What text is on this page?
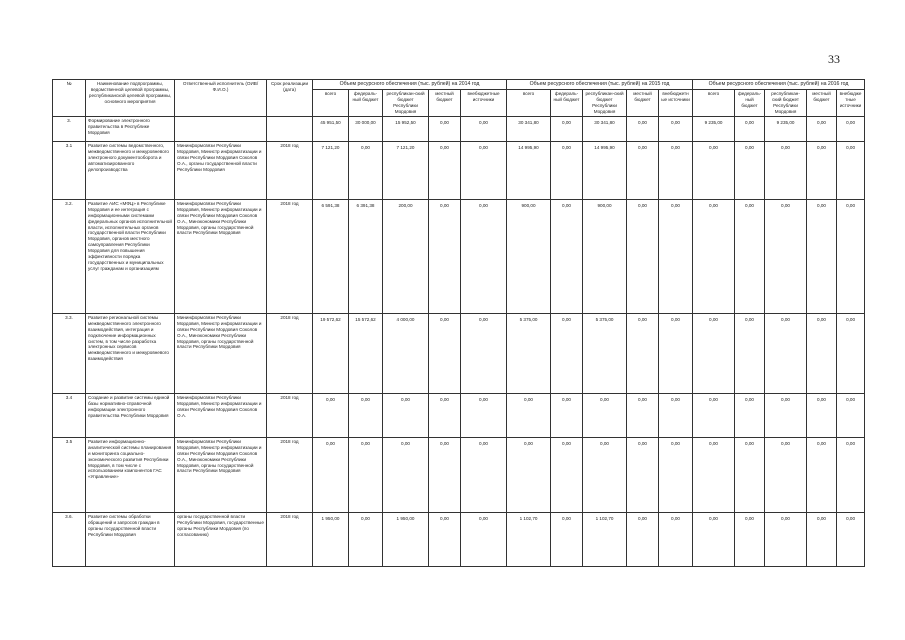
33
№	Наименование подпрограммы, ведомственной целевой программы, республиканской целевой программы, основного мероприятия	Ответственный исполнитель (ОИВ/Ф.И.О.)	Срок реализации (дата)	Объем ресурсного обеспечения (тыс. рублей) на 2014 год					Объем ресурсного обеспечения (тыс. рублей) на 2015 год					Объем ресурсного обеспечения (тыс. рублей) на 2016 год				
				всего	федераль-ный бюджет	республикан-ский бюджет Республики Мордовия	местный бюджет	внебюджетные источники	всего	федераль-ный бюджет	республикан-ский бюджет Республики Мордовия	местный бюджет	внебюджетные источники	всего	федераль-ный бюджет	республикан-ский бюджет Республики Мордовия	местный бюджет	внебюджетные источники
3.	Формирование электронного правительства в Республике Мордовия			45 951,50	30 000,00	15 952,50	0,00	0,00	30 341,80	0,00	30 341,80	0,00	0,00	9 235,00	0,00	9 235,00	0,00	0,00
3.1	Развитие системы ведомственного, межведомственного и межуровневого электронного документооборота и автоматизированного делопроизводства	Мининформсвязи Республики Мордовия, Министр информатизации и связи Республики Мордовия Соколов О.А., органы государственной власти Республики Мордовия	2018 год	7 121,20	0,00	7 121,20	0,00	0,00	14 995,90	0,00	14 995,90	0,00	0,00	0,00	0,00	0,00	0,00	0,00
3.2.	Развитие АИС «МФЦ» в Республике Мордовия и ее интеграция с информационными системами федеральных органов исполнительной власти, исполнительных органов государственной власти Республики Мордовия, органов местного самоуправления Республики Мордовия для повышения эффективности порядка государственных и муниципальных услуг гражданам и организациям	Мининформсвязи Республики Мордовия, Министр информатизации и связи Республики Мордовия Соколов О.А., Минэкономики Республики Мордовия, органы государственной власти Республики Мордовия	2018 год	6 591,38	6 391,38	200,00	0,00	0,00	900,00	0,00	900,00	0,00	0,00	0,00	0,00	0,00	0,00	0,00
3.3.	Развитие региональной системы межведомственного электронного взаимодействия, интеграция и подключение информационных систем, в том числе разработка электронных сервисов межведомственного и межуровневого взаимодействия	Мининформсвязи Республики Мордовия, Министр информатизации и связи Республики Мордовия Соколов О.А., Минэкономики Республики Мордовия, органы государственной власти Республики Мордовия	2018 год	19 572,62	15 572,62	4 000,00	0,00	0,00	5 375,00	0,00	5 375,00	0,00	0,00	0,00	0,00	0,00	0,00	0,00
3.4	Создание и развитие системы единой базы нормативно-справочной информации электронного правительства Республики Мордовия	Мининформсвязи Республики Мордовия, Министр информатизации и связи Республики Мордовия Соколов О.А.	2018 год	0,00	0,00	0,00	0,00	0,00	0,00	0,00	0,00	0,00	0,00	0,00	0,00	0,00	0,00	0,00
3.5	Развитие информационно-аналитической системы планирования и мониторинга социально-экономического развития Республики Мордовия, в том числе с использованием компонентов ГАС «Управление»	Мининформсвязи Республики Мордовия, Министр информатизации и связи Республики Мордовия Соколов О.А., Минэкономики Республики Мордовия, органы государственной власти Республики Мордовия	2018 год	0,00	0,00	0,00	0,00	0,00	0,00	0,00	0,00	0,00	0,00	0,00	0,00	0,00	0,00	0,00
3.6.	Развитие системы обработки обращений и запросов граждан в органы государственной власти Республики Мордовия	органы государственной власти Республики Мордовия, государственные органы Республики Мордовия (по согласованию)	2018 год	1 950,00	0,00	1 950,00	0,00	0,00	1 102,70	0,00	1 102,70	0,00	0,00	0,00	0,00	0,00	0,00	0,00
